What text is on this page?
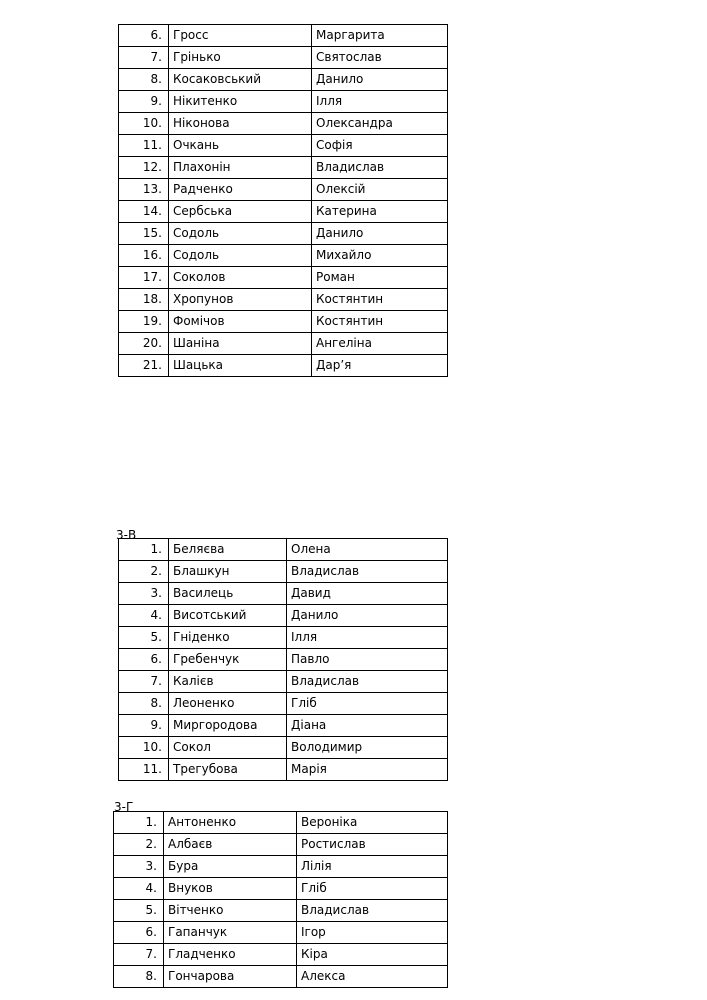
6.	Гросс	Маргарита
7.	Грінько	Святослав
8.	Косаковський	Данило
9.	Нікитенко	Ілля
10.	Ніконова	Олександра
11.	Очкань	Софія
12.	Плахонін	Владислав
13.	Радченко	Олексій
14.	Сербська	Катерина
15.	Содоль	Данило
16.	Содоль	Михайло
17.	Соколов	Роман
18.	Хропунов	Костянтин
19.	Фомічов	Костянтин
20.	Шаніна	Ангеліна
21.	Шацька	Дар’я
3-В
1.	Беляєва	Олена
2.	Блашкун	Владислав
3.	Василець	Давид
4.	Висотський	Данило
5.	Гніденко	Ілля
6.	Гребенчук	Павло
7.	Калієв	Владислав
8.	Леоненко	Гліб
9.	Миргородова	Діана
10.	Сокол	Володимир
11.	Трегубова	Марія
3-Г
1.	Антоненко	Вероніка
2.	Албаєв	Ростислав
3.	Бура	Лілія
4.	Внуков	Гліб
5.	Вітченко	Владислав
6.	Гапанчук	Ігор
7.	Гладченко	Кіра
8.	Гончарова	Алекса
